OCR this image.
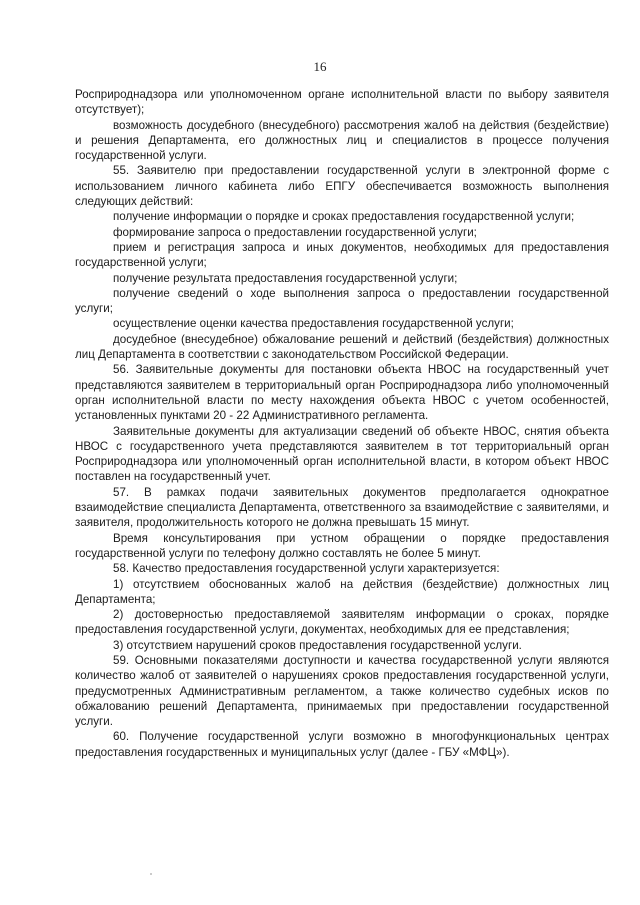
16

Росприроднадзора или уполномоченном органе исполнительной власти по выбору заявителя отсутствует);

возможность досудебного (внесудебного) рассмотрения жалоб на действия (бездействие) и решения Департамента, его должностных лиц и специалистов в процессе получения государственной услуги.

55. Заявителю при предоставлении государственной услуги в электронной форме с использованием личного кабинета либо ЕПГУ обеспечивается возможность выполнения следующих действий:

получение информации о порядке и сроках предоставления государственной услуги;

формирование запроса о предоставлении государственной услуги;

прием и регистрация запроса и иных документов, необходимых для предоставления государственной услуги;

получение результата предоставления государственной услуги;

получение сведений о ходе выполнения запроса о предоставлении государственной услуги;

осуществление оценки качества предоставления государственной услуги;

досудебное (внесудебное) обжалование решений и действий (бездействия) должностных лиц Департамента в соответствии с законодательством Российской Федерации.

56. Заявительные документы для постановки объекта НВОС на государственный учет представляются заявителем в территориальный орган Росприроднадзора либо уполномоченный орган исполнительной власти по месту нахождения объекта НВОС с учетом особенностей, установленных пунктами 20 - 22 Административного регламента.

Заявительные документы для актуализации сведений об объекте НВОС, снятия объекта НВОС с государственного учета представляются заявителем в тот территориальный орган Росприроднадзора или уполномоченный орган исполнительной власти, в котором объект НВОС поставлен на государственный учет.

57. В рамках подачи заявительных документов предполагается однократное взаимодействие специалиста Департамента, ответственного за взаимодействие с заявителями, и заявителя, продолжительность которого не должна превышать 15 минут.

Время консультирования при устном обращении о порядке предоставления государственной услуги по телефону должно составлять не более 5 минут.

58. Качество предоставления государственной услуги характеризуется:

1) отсутствием обоснованных жалоб на действия (бездействие) должностных лиц Департамента;

2) достоверностью предоставляемой заявителям информации о сроках, порядке предоставления государственной услуги, документах, необходимых для ее представления;

3) отсутствием нарушений сроков предоставления государственной услуги.

59. Основными показателями доступности и качества государственной услуги являются количество жалоб от заявителей о нарушениях сроков предоставления государственной услуги, предусмотренных Административным регламентом, а также количество судебных исков по обжалованию решений Департамента, принимаемых при предоставлении государственной услуги.

60. Получение государственной услуги возможно в многофункциональных центрах предоставления государственных и муниципальных услуг (далее - ГБУ «МФЦ»).
